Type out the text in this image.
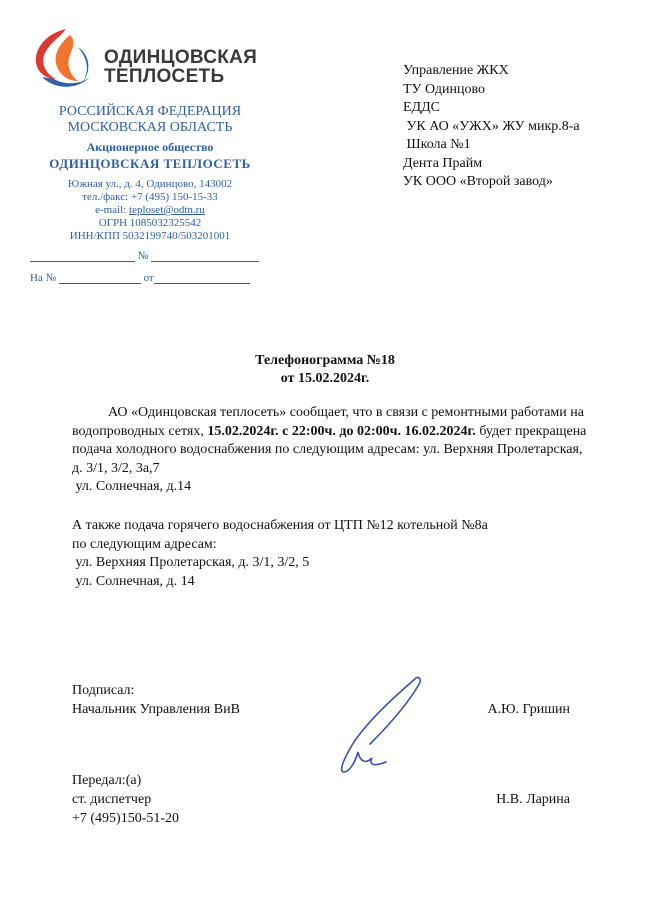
ОДИНЦОВСКАЯ
ТЕПЛОСЕТЬ
РОССИЙСКАЯ ФЕДЕРАЦИЯ
МОСКОВСКАЯ ОБЛАСТЬ
Акционерное общество
ОДИНЦОВСКАЯ ТЕПЛОСЕТЬ
Южная ул., д. 4, Одинцово, 143002
тел./факс: +7 (495) 150-15-33
e-mail: teploset@odtn.ru
ОГРН 1085032325542
ИНН/КПП 5032199740/503201001
№
На №	от
Управление ЖКХ
ТУ Одинцово
ЕДДС
УК АО «УЖХ» ЖУ микр.8-а
Школа №1
Дента Прайм
УК ООО «Второй завод»
Телефонограмма №18
от 15.02.2024г.
АО «Одинцовская теплосеть» сообщает, что в связи с ремонтными работами на водопроводных сетях, 15.02.2024г. с 22:00ч. до 02:00ч. 16.02.2024г. будет прекращена подача холодного водоснабжения по следующим адресам: ул. Верхняя Пролетарская, д. 3/1, 3/2, 3а,7
ул. Солнечная, д.14
А также подача горячего водоснабжения от ЦТП №12 котельной №8а
по следующим адресам:
ул. Верхняя Пролетарская, д. 3/1, 3/2, 5
ул. Солнечная, д. 14
Подписал:
Начальник Управления ВиВ	А.Ю. Гришин
Передал:(а)
ст. диспетчер	Н.В. Ларина
+7 (495)150-51-20
